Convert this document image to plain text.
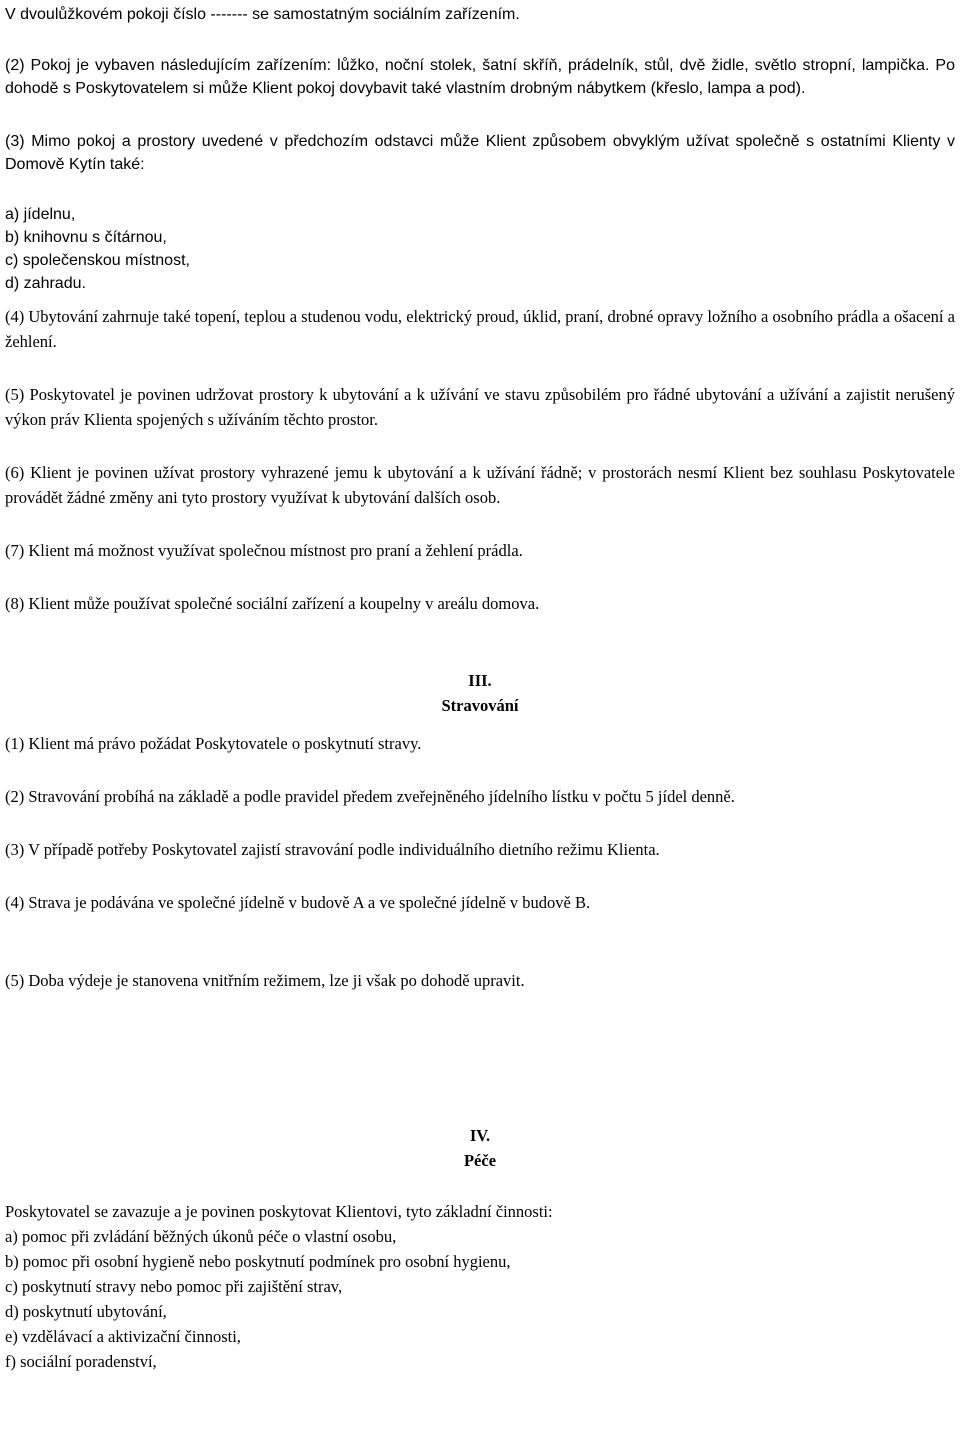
V dvoulůžkovém pokoji číslo ------- se samostatným sociálním zařízením.

(2) Pokoj je vybaven následujícím zařízením: lůžko, noční stolek, šatní skříň, prádelník, stůl, dvě židle, světlo stropní, lampička. Po dohodě s Poskytovatelem si může Klient pokoj dovybavit také vlastním drobným nábytkem (křeslo, lampa a pod).

(3) Mimo pokoj a prostory uvedené v předchozím odstavci může Klient způsobem obvyklým užívat společně s ostatními Klienty v Domově Kytín také:

a) jídelnu,
b) knihovnu s čítárnou,
c) společenskou místnost,
d) zahradu.

(4) Ubytování zahrnuje také topení, teplou a studenou vodu, elektrický proud, úklid, praní, drobné opravy ložního a osobního prádla a ošacení a žehlení.

(5) Poskytovatel je povinen udržovat prostory k ubytování a k užívání ve stavu způsobilém pro řádné ubytování a užívání a zajistit nerušený výkon práv Klienta spojených s užíváním těchto prostor.

(6) Klient je povinen užívat prostory vyhrazené jemu k ubytování a k užívání řádně; v prostorách nesmí Klient bez souhlasu Poskytovatele provádět žádné změny ani tyto prostory využívat k ubytování dalších osob.

(7) Klient má možnost využívat společnou místnost pro praní a žehlení prádla.

(8) Klient může používat společné sociální zařízení a koupelny v areálu domova.

III.
Stravování

(1) Klient má právo požádat Poskytovatele o poskytnutí stravy.

(2) Stravování probíhá na základě a podle pravidel předem zveřejněného jídelního lístku v počtu 5 jídel denně.

(3) V případě potřeby Poskytovatel zajistí stravování podle individuálního dietního režimu Klienta.

(4) Strava je podávána ve společné jídelně v budově A a ve společné jídelně v budově B.

(5) Doba výdeje je stanovena vnitřním režimem, lze ji však po dohodě upravit.

IV.
Péče

Poskytovatel se zavazuje a je povinen poskytovat Klientovi, tyto základní činnosti:

a) pomoc při zvládání běžných úkonů péče o vlastní osobu,
b) pomoc při osobní hygieně nebo poskytnutí podmínek pro osobní hygienu,
c) poskytnutí stravy nebo pomoc při zajištění strav,
d) poskytnutí ubytování,
e) vzdělávací a aktivizační činnosti,
f) sociální poradenství,
